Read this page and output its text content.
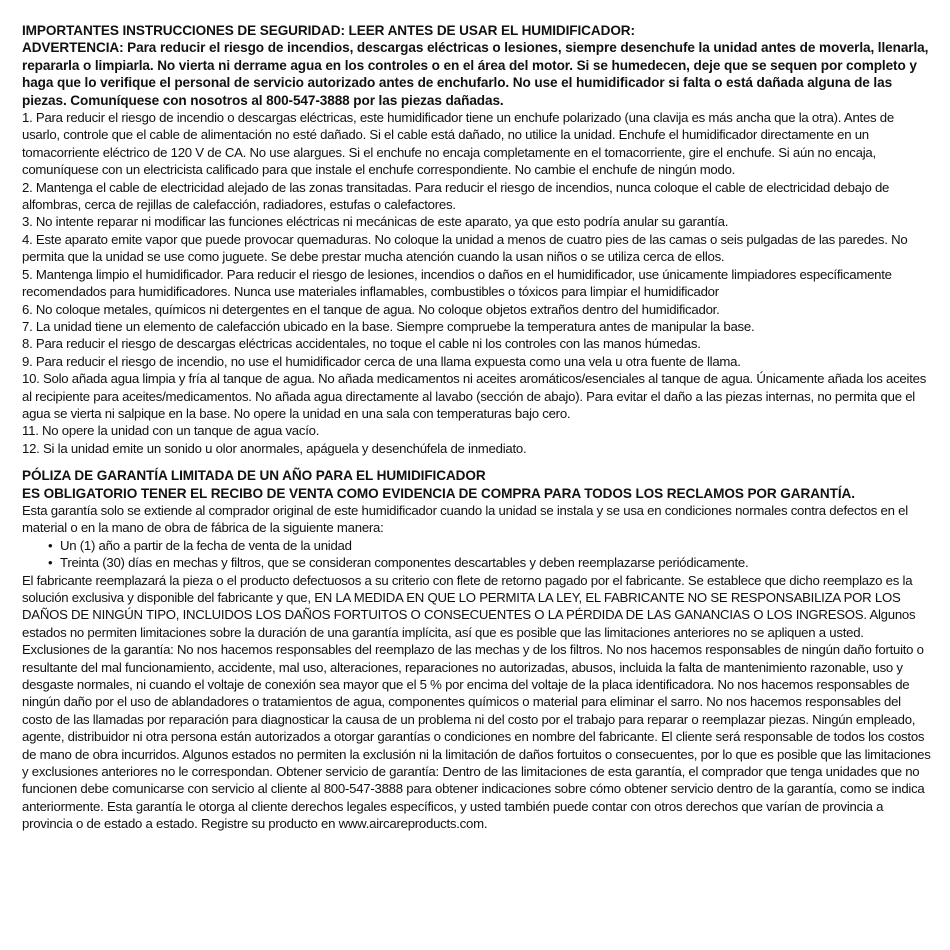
IMPORTANTES INSTRUCCIONES DE SEGURIDAD: LEER ANTES DE USAR EL HUMIDIFICADOR:

ADVERTENCIA: Para reducir el riesgo de incendios, descargas eléctricas o lesiones, siempre desenchufe la unidad antes de moverla, llenarla, repararla o limpiarla. No vierta ni derrame agua en los controles o en el área del motor. Si se humedecen, deje que se sequen por completo y haga que lo verifique el personal de servicio autorizado antes de enchufarlo. No use el humidificador si falta o está dañada alguna de las piezas. Comuníquese con nosotros al 800-547-3888 por las piezas dañadas.

1. Para reducir el riesgo de incendio o descargas eléctricas, este humidificador tiene un enchufe polarizado (una clavija es más ancha que la otra). Antes de usarlo, controle que el cable de alimentación no esté dañado. Si el cable está dañado, no utilice la unidad. Enchufe el humidificador directamente en un tomacorriente eléctrico de 120 V de CA. No use alargues. Si el enchufe no encaja completamente en el tomacorriente, gire el enchufe. Si aún no encaja, comuníquese con un electricista calificado para que instale el enchufe correspondiente. No cambie el enchufe de ningún modo.

2. Mantenga el cable de electricidad alejado de las zonas transitadas. Para reducir el riesgo de incendios, nunca coloque el cable de electricidad debajo de alfombras, cerca de rejillas de calefacción, radiadores, estufas o calefactores.

3. No intente reparar ni modificar las funciones eléctricas ni mecánicas de este aparato, ya que esto podría anular su garantía.

4. Este aparato emite vapor que puede provocar quemaduras. No coloque la unidad a menos de cuatro pies de las camas o seis pulgadas de las paredes. No permita que la unidad se use como juguete. Se debe prestar mucha atención cuando la usan niños o se utiliza cerca de ellos.

5. Mantenga limpio el humidificador. Para reducir el riesgo de lesiones, incendios o daños en el humidificador, use únicamente limpiadores específicamente recomendados para humidificadores. Nunca use materiales inflamables, combustibles o tóxicos para limpiar el humidificador

6. No coloque metales, químicos ni detergentes en el tanque de agua. No coloque objetos extraños dentro del humidificador.

7. La unidad tiene un elemento de calefacción ubicado en la base. Siempre compruebe la temperatura antes de manipular la base.

8. Para reducir el riesgo de descargas eléctricas accidentales, no toque el cable ni los controles con las manos húmedas.

9. Para reducir el riesgo de incendio, no use el humidificador cerca de una llama expuesta como una vela u otra fuente de llama.

10. Solo añada agua limpia y fría al tanque de agua. No añada medicamentos ni aceites aromáticos/esenciales al tanque de agua. Únicamente añada los aceites al recipiente para aceites/medicamentos. No añada agua directamente al lavabo (sección de abajo). Para evitar el daño a las piezas internas, no permita que el agua se vierta ni salpique en la base. No opere la unidad en una sala con temperaturas bajo cero.

11. No opere la unidad con un tanque de agua vacío.

12. Si la unidad emite un sonido u olor anormales, apáguela y desenchúfela de inmediato.

PÓLIZA DE GARANTÍA LIMITADA DE UN AÑO PARA EL HUMIDIFICADOR

ES OBLIGATORIO TENER EL RECIBO DE VENTA COMO EVIDENCIA DE COMPRA PARA TODOS LOS RECLAMOS POR GARANTÍA.

Esta garantía solo se extiende al comprador original de este humidificador cuando la unidad se instala y se usa en condiciones normales contra defectos en el material o en la mano de obra de fábrica de la siguiente manera:

• Un (1) año a partir de la fecha de venta de la unidad
• Treinta (30) días en mechas y filtros, que se consideran componentes descartables y deben reemplazarse periódicamente.

El fabricante reemplazará la pieza o el producto defectuosos a su criterio con flete de retorno pagado por el fabricante. Se establece que dicho reemplazo es la solución exclusiva y disponible del fabricante y que, EN LA MEDIDA EN QUE LO PERMITA LA LEY, EL FABRICANTE NO SE RESPONSABILIZA POR LOS DAÑOS DE NINGÚN TIPO, INCLUIDOS LOS DAÑOS FORTUITOS O CONSECUENTES O LA PÉRDIDA DE LAS GANANCIAS O LOS INGRESOS. Algunos estados no permiten limitaciones sobre la duración de una garantía implícita, así que es posible que las limitaciones anteriores no se apliquen a usted. Exclusiones de la garantía: No nos hacemos responsables del reemplazo de las mechas y de los filtros. No nos hacemos responsables de ningún daño fortuito o resultante del mal funcionamiento, accidente, mal uso, alteraciones, reparaciones no autorizadas, abusos, incluida la falta de mantenimiento razonable, uso y desgaste normales, ni cuando el voltaje de conexión sea mayor que el 5 % por encima del voltaje de la placa identificadora. No nos hacemos responsables de ningún daño por el uso de ablandadores o tratamientos de agua, componentes químicos o material para eliminar el sarro. No nos hacemos responsables del costo de las llamadas por reparación para diagnosticar la causa de un problema ni del costo por el trabajo para reparar o reemplazar piezas. Ningún empleado, agente, distribuidor ni otra persona están autorizados a otorgar garantías o condiciones en nombre del fabricante. El cliente será responsable de todos los costos de mano de obra incurridos. Algunos estados no permiten la exclusión ni la limitación de daños fortuitos o consecuentes, por lo que es posible que las limitaciones y exclusiones anteriores no le correspondan. Obtener servicio de garantía: Dentro de las limitaciones de esta garantía, el comprador que tenga unidades que no funcionen debe comunicarse con servicio al cliente al 800-547-3888 para obtener indicaciones sobre cómo obtener servicio dentro de la garantía, como se indica anteriormente. Esta garantía le otorga al cliente derechos legales específicos, y usted también puede contar con otros derechos que varían de provincia a provincia o de estado a estado. Registre su producto en www.aircareproducts.com.
